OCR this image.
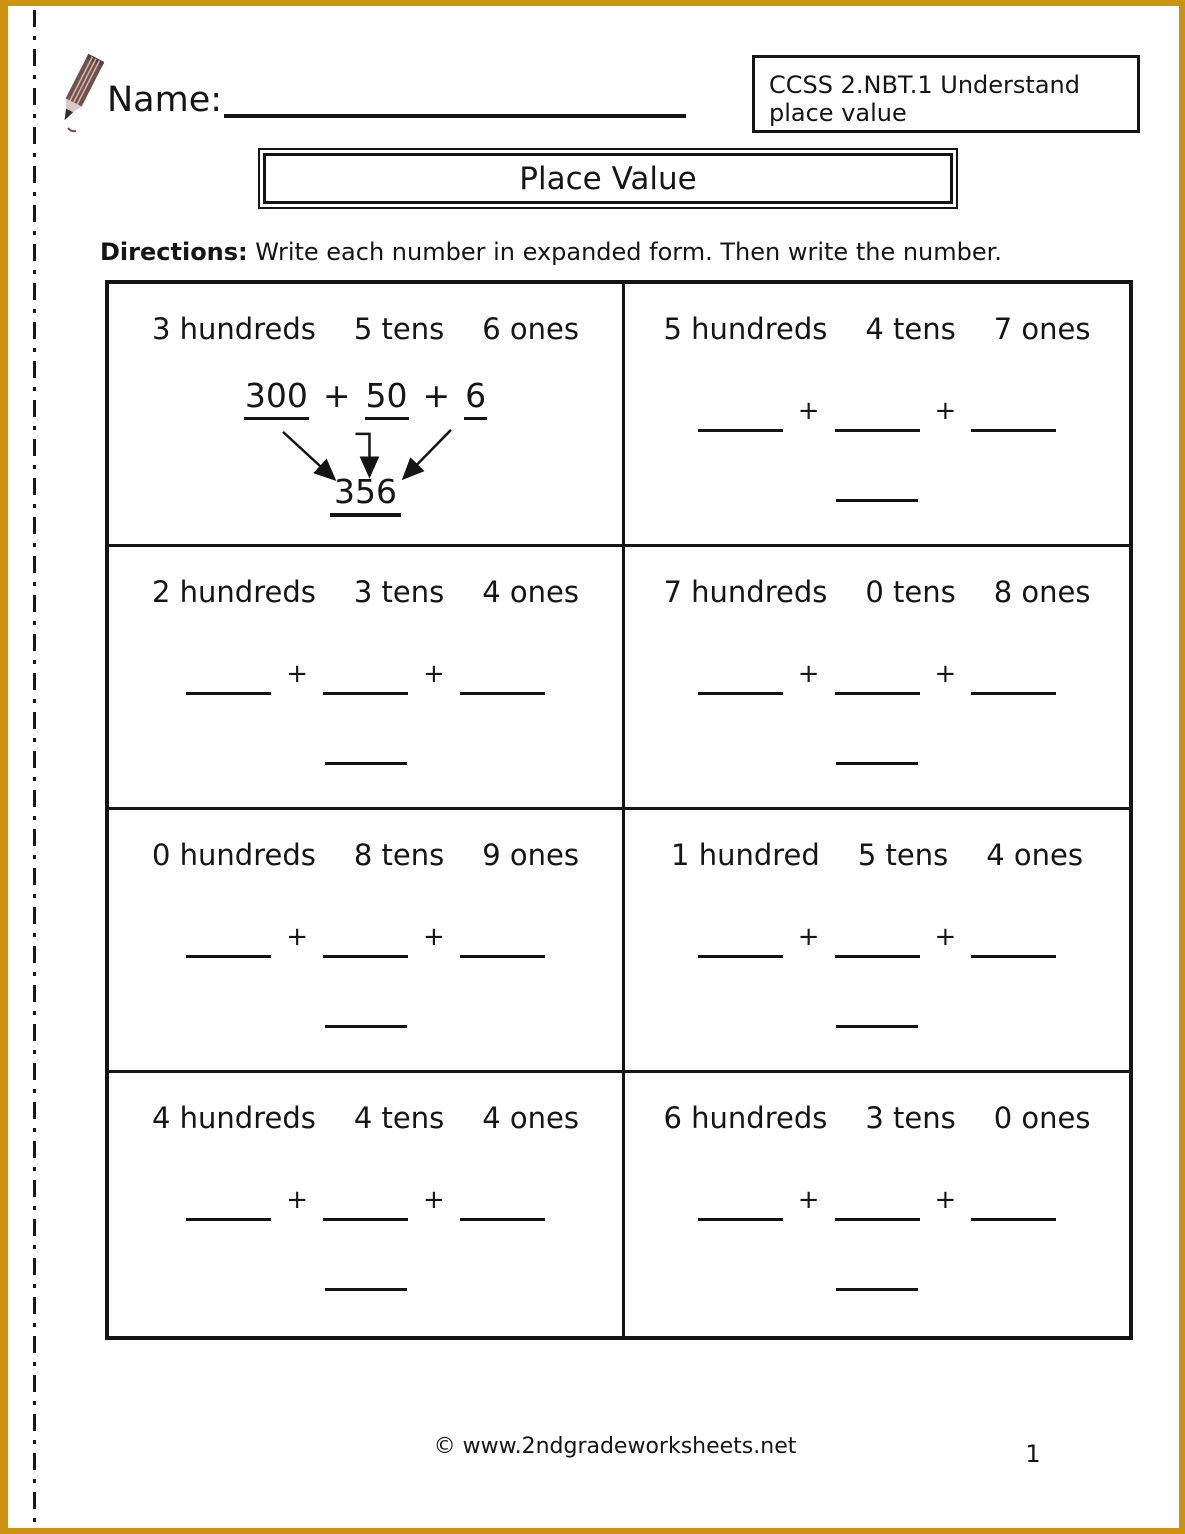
Name:	CCSS 2.NBT.1 Understand place value
Place Value
Directions: Write each number in expanded form. Then write the number.
3 hundreds 5 tens 6 ones
300 + 50 + 6
356
5 hundreds 4 tens 7 ones
+	+
2 hundreds 3 tens 4 ones
+	+
7 hundreds 0 tens 8 ones
+	+
0 hundreds 8 tens 9 ones
+	+
1 hundred 5 tens 4 ones
+	+
4 hundreds 4 tens 4 ones
+	+
6 hundreds 3 tens 0 ones
+	+
© www.2ndgradeworksheets.net	1
